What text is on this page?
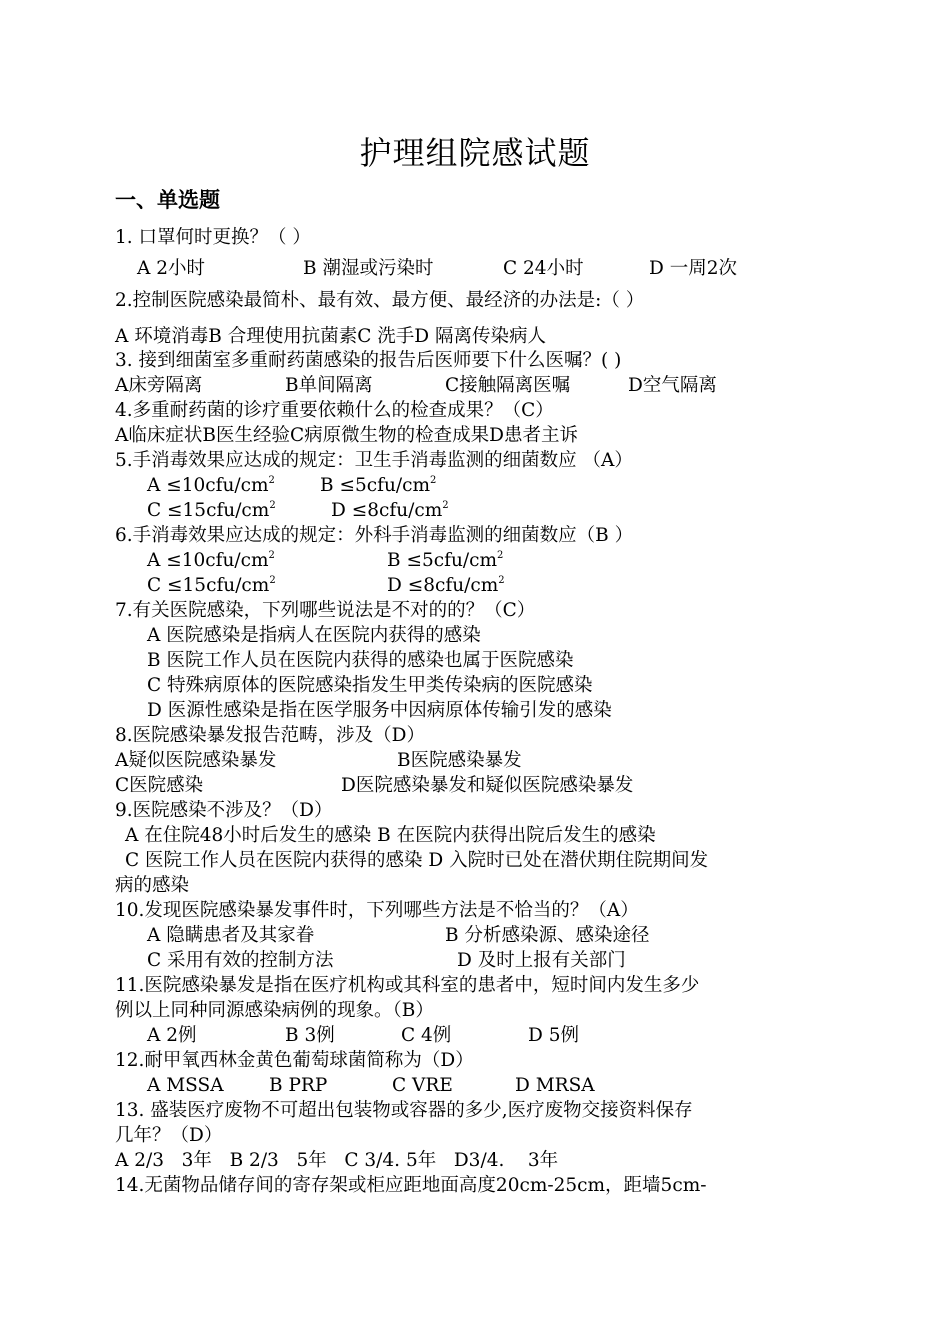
护理组院感试题
一、单选题
1. 口罩何时更换？（ ）
A 2小时	B 潮湿或污染时	C 24小时	D 一周2次
2.控制医院感染最简朴、最有效、最方便、最经济的办法是:（ ）
A 环境消毒B 合理使用抗菌素C 洗手D 隔离传染病人
3. 接到细菌室多重耐药菌感染的报告后医师要下什么医嘱？( )
A床旁隔离	B单间隔离	C接触隔离医嘱	D空气隔离
4.多重耐药菌的诊疗重要依赖什么的检查成果？（C）
A临床症状B医生经验C病原微生物的检查成果D患者主诉
5.手消毒效果应达成的规定：卫生手消毒监测的细菌数应 （A）
$A \le 10cfu/cm^2$ $B \le 5cfu/cm^2$
$C \le 15cfu/cm^2$	$D \le 8cfu/cm^2$
6.手消毒效果应达成的规定：外科手消毒监测的细菌数应（B ）
$A \le 10cfu/cm^2$	$B \le 5cfu/cm^2$
$C \le 15cfu/cm^2$	$D \le 8cfu/cm^2$
7.有关医院感染，下列哪些说法是不对的的？（C）
A 医院感染是指病人在医院内获得的感染
B 医院工作人员在医院内获得的感染也属于医院感染
C 特殊病原体的医院感染指发生甲类传染病的医院感染
D 医源性感染是指在医学服务中因病原体传输引发的感染
8.医院感染暴发报告范畴，涉及（D）
A疑似医院感染暴发	B医院感染暴发
C医院感染	D医院感染暴发和疑似医院感染暴发
9.医院感染不涉及？（D）
A 在住院48小时后发生的感染 B 在医院内获得出院后发生的感染
C 医院工作人员在医院内获得的感染 D 入院时已处在潜伏期住院期间发
病的感染
10.发现医院感染暴发事件时，下列哪些方法是不恰当的？（A）
A 隐瞒患者及其家眷	B 分析感染源、感染途径
C 采用有效的控制方法	D 及时上报有关部门
11.医院感染暴发是指在医疗机构或其科室的患者中，短时间内发生多少
例以上同种同源感染病例的现象。（B）
A 2例	B 3例	C 4例	D 5例
12.耐甲氧西林金黄色葡萄球菌简称为（D）
A MSSA B PRP	C VRE	D MRSA
13. 盛装医疗废物不可超出包装物或容器的多少,医疗废物交接资料保存
几年？（D）
A 2/3   3年   B 2/3   5年   C 3/4. 5年   D3/4.    3年
14.无菌物品储存间的寄存架或柜应距地面高度20cm-25cm，距墙5cm-
